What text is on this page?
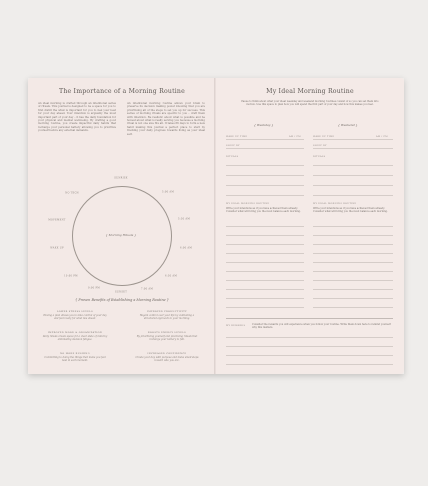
The Importance of a Morning Routine
An ideal morning is crafted through an intentional series of rituals. This journal is designed to be a space for you to first distill the what is important for you to feel your best for your day ahead. Your intention is arguably the most important part of your day – it has the daily foundation for your physical and mental well-being. By crafting a good morning routine, you create impactful daily habits that recharge your personal battery allowing you to prioritize yourself before any external demands.
An intentional morning routine allows your brain to preserve its decision making power knowing that you are prioritising all of the steps to set you up for success. This series of morning rituals are specific to you – craft them with intention. Be realistic about what is possible and be honest about what is really serving you because a morning ritual is not one size fits all. It takes 66 days to form a new habit making this journal a perfect place to start by tracking your daily progress towards living as your ideal self.
{ Morning Rituals }
SUNRISE
5:00 AM
5:30 AM
6:00 AM
6:30 AM
7:00 AM
SUNSET
9:00 PM
10:00 PM
WAKE UP
MOVEMENT
NO TECH
{ Proven Benefits of Establishing a Morning Routine }
LOWER STRESS LEVELS
Having a plan allows you to take control of your day and feel ready for what lies ahead.
IMPROVED PRODUCTIVITY
Regain control over your life by cultivating a structured approach to your morning.
IMPROVED MOOD & ORGANIZATION
Daily rituals create space for a clear state of mind by eliminating decision fatigue.
BOOSTS ENERGY LEVELS
By prioritizing yourself and practicing rituals that recharge your battery to full.
NO MORE RUSHING
Committing to doing the things that make you feel best in each moment.
INCREASED CONFIDENCE
Create your day with purpose and make small steps toward who you are.
My Ideal Morning Routine
Pause to think about what your ideal weekday and weekend morning routines consist of so you can set them into motion. Use this space to plan how you will spend the first part of your day and how this makes you feel.
{ Weekday }	{ Weekend }
WAKE UP TIME	AM / PM	WAKE UP TIME	AM / PM
SLEEP BY	SLEEP BY
RITUALS	RITUALS
MY IDEAL MORNING ROUTINE	MY IDEAL MORNING ROUTINE
Write your intentions as if you have achieved them already. Consider what will bring you the most balance each morning.
Write your intentions as if you have achieved them already. Consider what will bring you the most balance each morning.
MY REWARDS	Consider the rewards you will experience when you follow your routine. Write them down here to remind yourself why this matters.
